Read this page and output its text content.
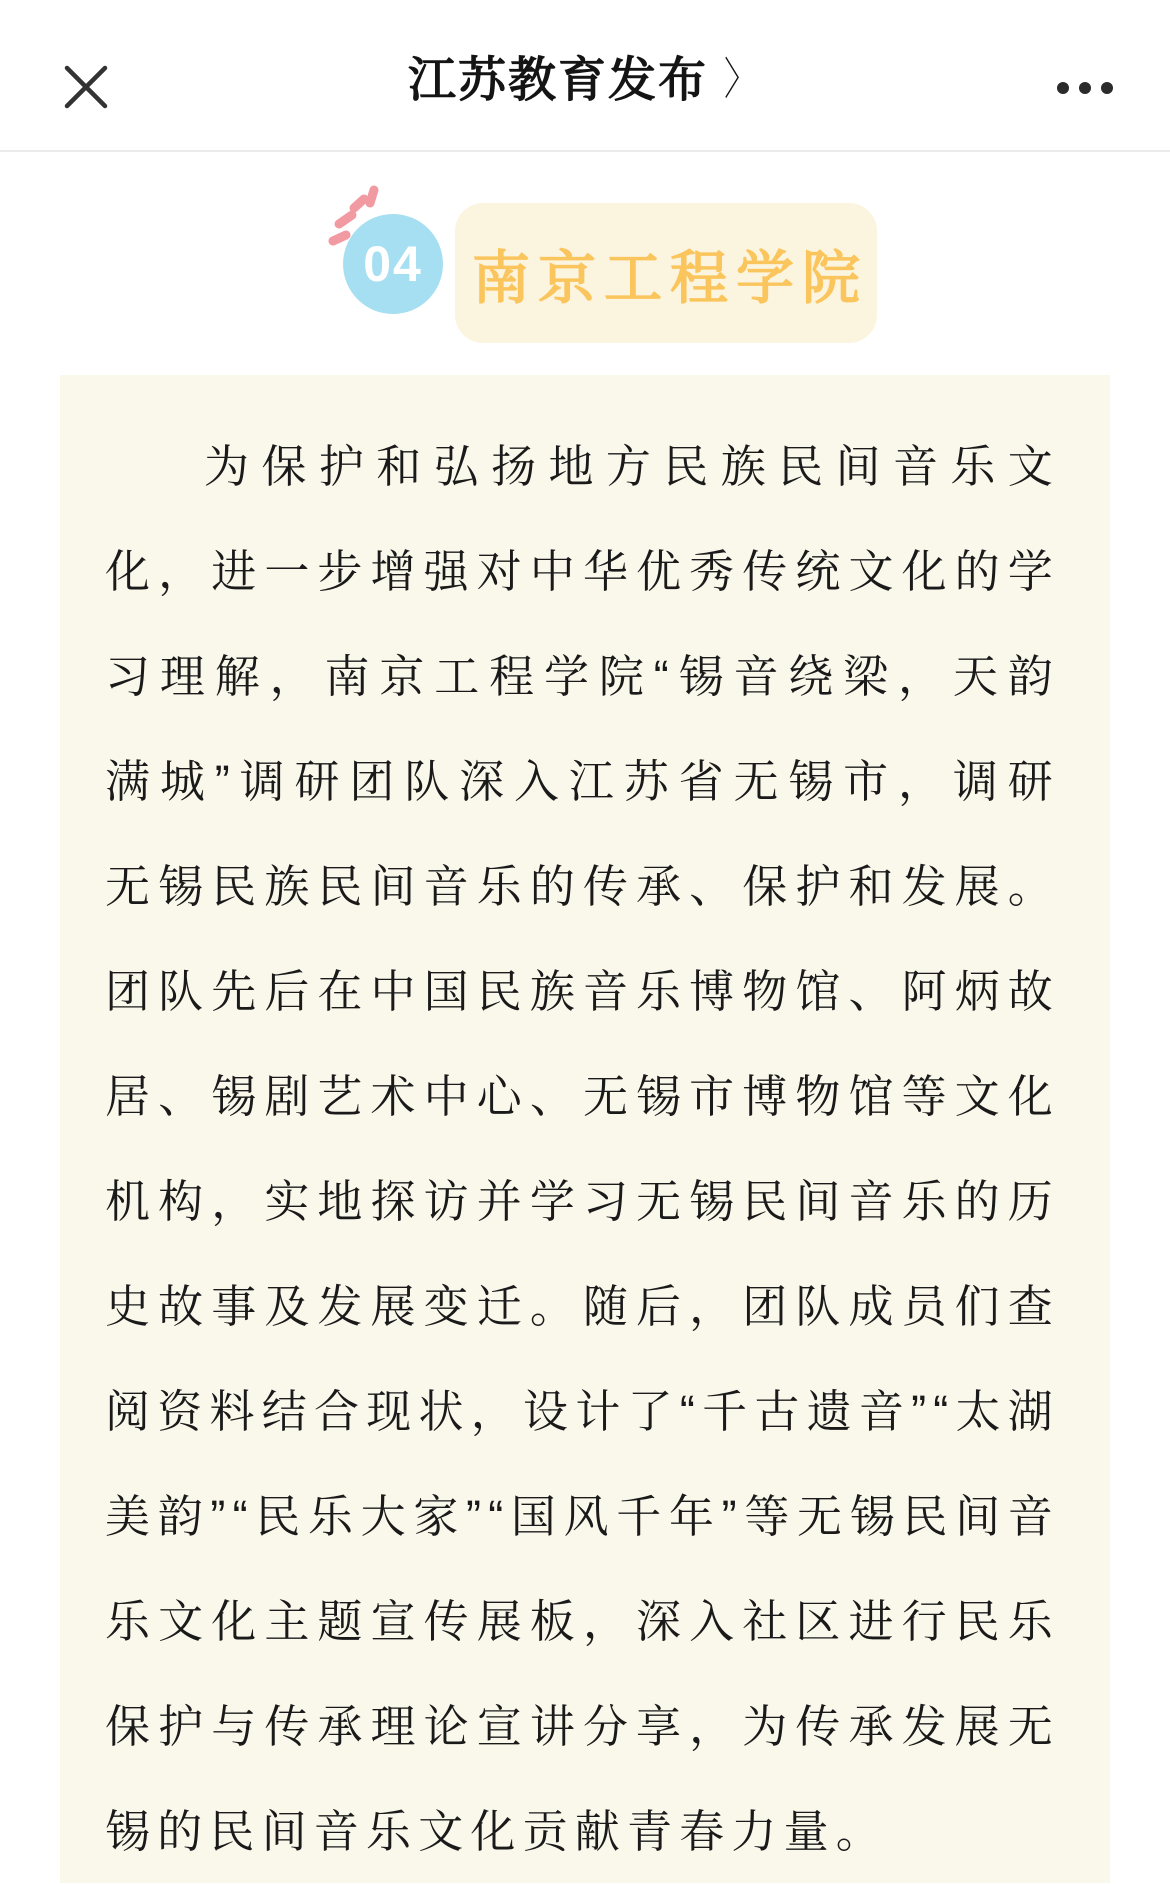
江苏教育发布 〉
04 南京工程学院

为保护和弘扬地方民族民间音乐文化，进一步增强对中华优秀传统文化的学习理解，南京工程学院“锡音绕梁，天韵满城”调研团队深入江苏省无锡市，调研无锡民族民间音乐的传承、保护和发展。团队先后在中国民族音乐博物馆、阿炳故居、锡剧艺术中心、无锡市博物馆等文化机构，实地探访并学习无锡民间音乐的历史故事及发展变迁。随后，团队成员们查阅资料结合现状，设计了“千古遗音”“太湖美韵”“民乐大家”“国风千年”等无锡民间音乐文化主题宣传展板，深入社区进行民乐保护与传承理论宣讲分享，为传承发展无锡的民间音乐文化贡献青春力量。
